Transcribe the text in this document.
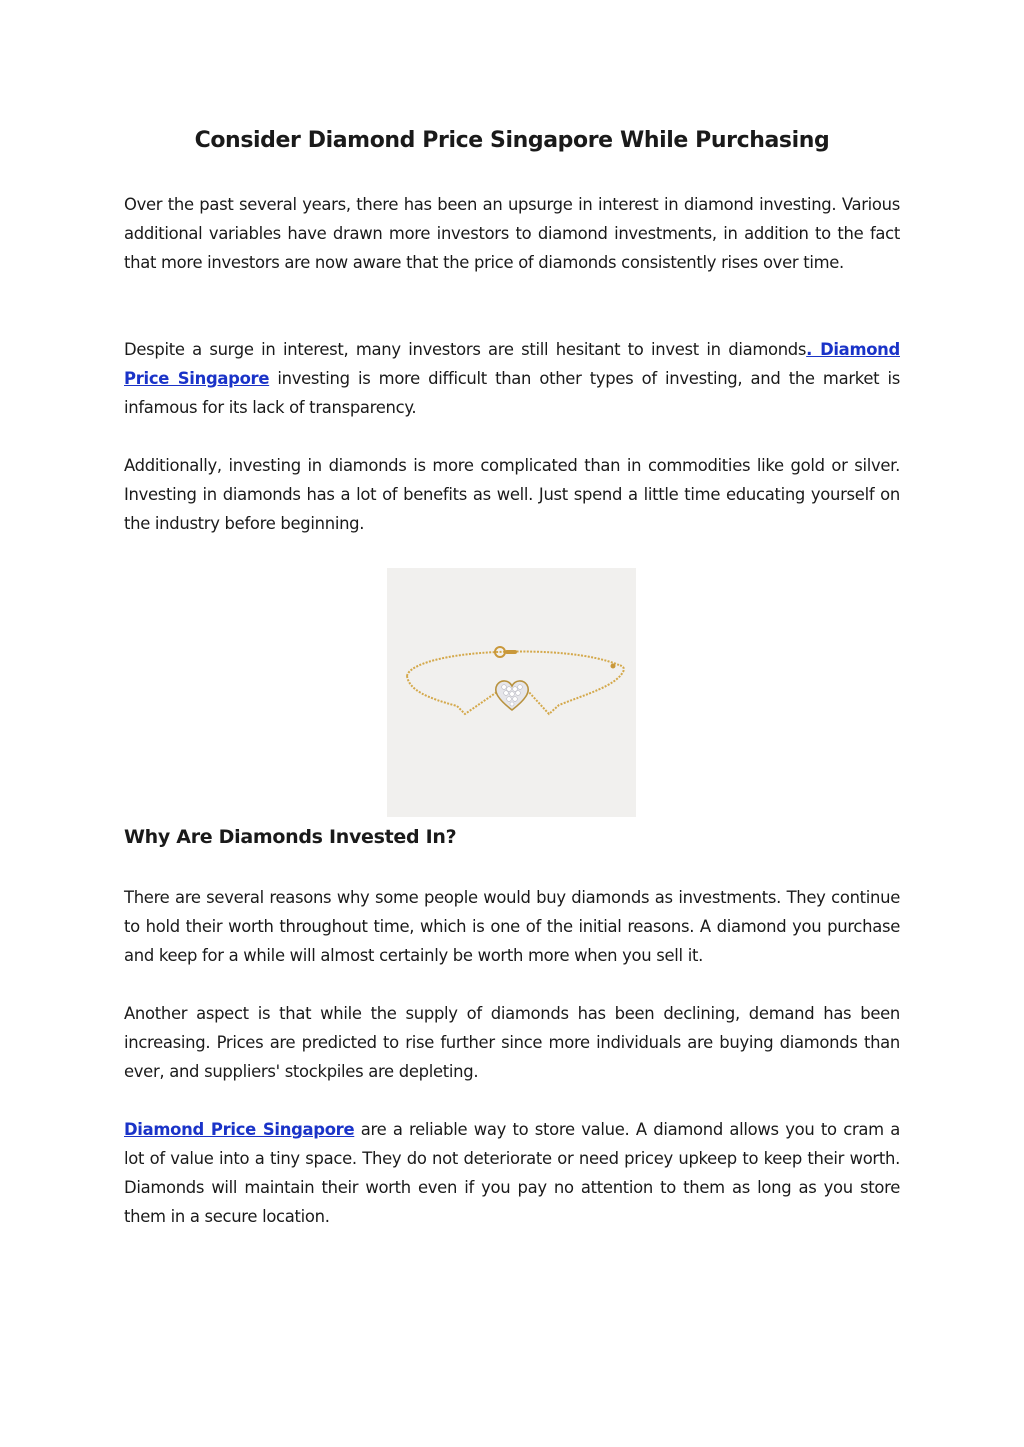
Consider Diamond Price Singapore While Purchasing

Over the past several years, there has been an upsurge in interest in diamond investing. Various additional variables have drawn more investors to diamond investments, in addition to the fact that more investors are now aware that the price of diamonds consistently rises over time.

Despite a surge in interest, many investors are still hesitant to invest in diamonds. Diamond Price Singapore investing is more difficult than other types of investing, and the market is infamous for its lack of transparency.

Additionally, investing in diamonds is more complicated than in commodities like gold or silver. Investing in diamonds has a lot of benefits as well. Just spend a little time educating yourself on the industry before beginning.

Why Are Diamonds Invested In?

There are several reasons why some people would buy diamonds as investments. They continue to hold their worth throughout time, which is one of the initial reasons. A diamond you purchase and keep for a while will almost certainly be worth more when you sell it.

Another aspect is that while the supply of diamonds has been declining, demand has been increasing. Prices are predicted to rise further since more individuals are buying diamonds than ever, and suppliers' stockpiles are depleting.

Diamond Price Singapore are a reliable way to store value. A diamond allows you to cram a lot of value into a tiny space. They do not deteriorate or need pricey upkeep to keep their worth. Diamonds will maintain their worth even if you pay no attention to them as long as you store them in a secure location.
